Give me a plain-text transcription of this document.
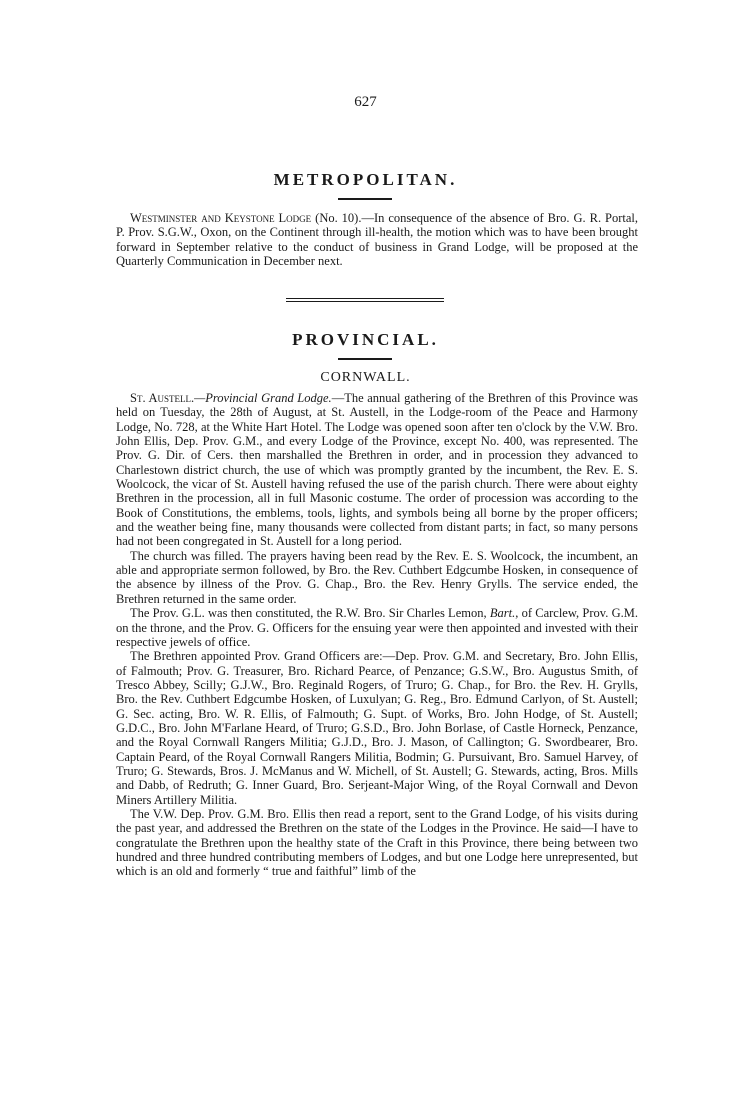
627
METROPOLITAN.

Westminster and Keystone Lodge (No. 10).—In consequence of the absence of Bro. G. R. Portal, P. Prov. S.G.W., Oxon, on the Continent through ill-health, the motion which was to have been brought forward in September relative to the conduct of business in Grand Lodge, will be proposed at the Quarterly Communication in December next.

PROVINCIAL.
CORNWALL.

St. Austell.—Provincial Grand Lodge.—The annual gathering of the Brethren of this Province was held on Tuesday, the 28th of August, at St. Austell, in the Lodge-room of the Peace and Harmony Lodge, No. 728, at the White Hart Hotel. The Lodge was opened soon after ten o'clock by the V.W. Bro. John Ellis, Dep. Prov. G.M., and every Lodge of the Province, except No. 400, was represented. The Prov. G. Dir. of Cers. then marshalled the Brethren in order, and in procession they advanced to Charlestown district church, the use of which was promptly granted by the incumbent, the Rev. E. S. Woolcock, the vicar of St. Austell having refused the use of the parish church. There were about eighty Brethren in the procession, all in full Masonic costume. The order of procession was according to the Book of Constitutions, the emblems, tools, lights, and symbols being all borne by the proper officers; and the weather being fine, many thousands were collected from distant parts; in fact, so many persons had not been congregated in St. Austell for a long period.

The church was filled. The prayers having been read by the Rev. E. S. Woolcock, the incumbent, an able and appropriate sermon followed, by Bro. the Rev. Cuthbert Edgcumbe Hosken, in consequence of the absence by illness of the Prov. G. Chap., Bro. the Rev. Henry Grylls. The service ended, the Brethren returned in the same order.

The Prov. G.L. was then constituted, the R.W. Bro. Sir Charles Lemon, Bart., of Carclew, Prov. G.M. on the throne, and the Prov. G. Officers for the ensuing year were then appointed and invested with their respective jewels of office.

The Brethren appointed Prov. Grand Officers are:—Dep. Prov. G.M. and Secretary, Bro. John Ellis, of Falmouth; Prov. G. Treasurer, Bro. Richard Pearce, of Penzance; G.S.W., Bro. Augustus Smith, of Tresco Abbey, Scilly; G.J.W., Bro. Reginald Rogers, of Truro; G. Chap., for Bro. the Rev. H. Grylls, Bro. the Rev. Cuthbert Edgcumbe Hosken, of Luxulyan; G. Reg., Bro. Edmund Carlyon, of St. Austell; G. Sec. acting, Bro. W. R. Ellis, of Falmouth; G. Supt. of Works, Bro. John Hodge, of St. Austell; G.D.C., Bro. John M'Farlane Heard, of Truro; G.S.D., Bro. John Borlase, of Castle Horneck, Penzance, and the Royal Cornwall Rangers Militia; G.J.D., Bro. J. Mason, of Callington; G. Swordbearer, Bro. Captain Peard, of the Royal Cornwall Rangers Militia, Bodmin; G. Pursuivant, Bro. Samuel Harvey, of Truro; G. Stewards, Bros. J. McManus and W. Michell, of St. Austell; G. Stewards, acting, Bros. Mills and Dabb, of Redruth; G. Inner Guard, Bro. Serjeant-Major Wing, of the Royal Cornwall and Devon Miners Artillery Militia.

The V.W. Dep. Prov. G.M. Bro. Ellis then read a report, sent to the Grand Lodge, of his visits during the past year, and addressed the Brethren on the state of the Lodges in the Province. He said—I have to congratulate the Brethren upon the healthy state of the Craft in this Province, there being between two hundred and three hundred contributing members of Lodges, and but one Lodge here unrepresented, but which is an old and formerly “ true and faithful” limb of the
